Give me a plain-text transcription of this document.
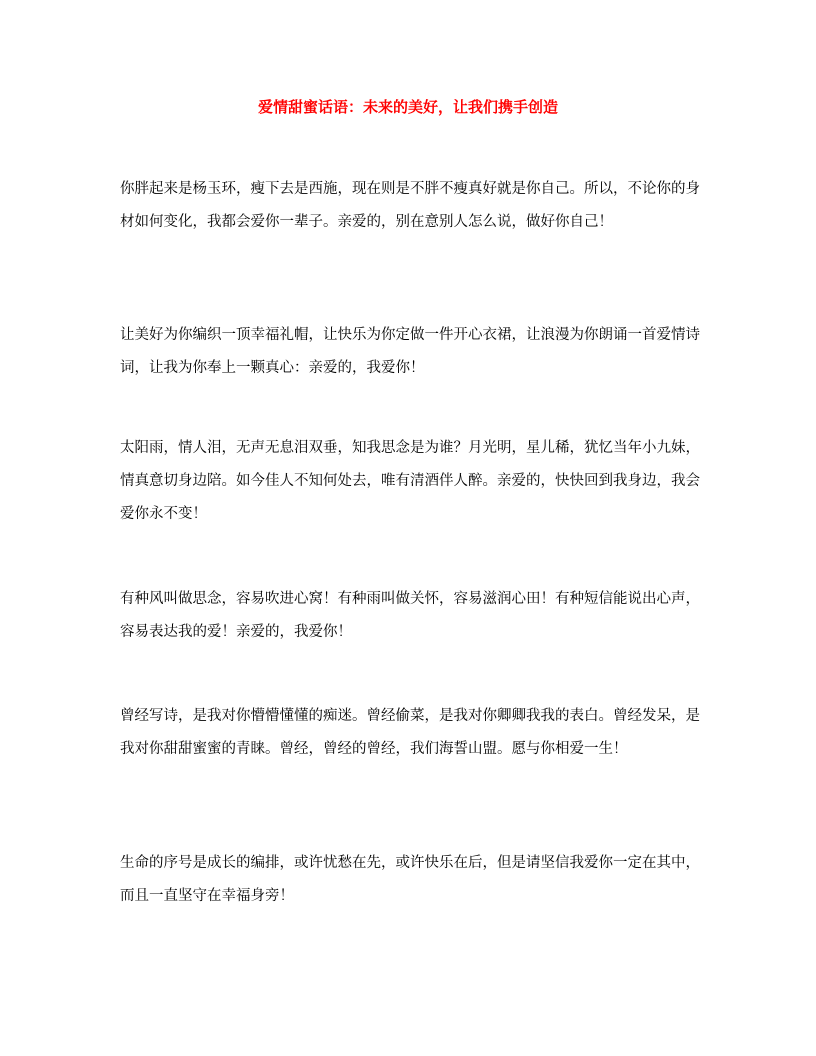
爱情甜蜜话语：未来的美好，让我们携手创造

你胖起来是杨玉环，瘦下去是西施，现在则是不胖不瘦真好就是你自己。所以，不论你的身材如何变化，我都会爱你一辈子。亲爱的，别在意别人怎么说，做好你自己！

让美好为你编织一顶幸福礼帽，让快乐为你定做一件开心衣裙，让浪漫为你朗诵一首爱情诗词，让我为你奉上一颗真心：亲爱的，我爱你！

太阳雨，情人泪，无声无息泪双垂，知我思念是为谁？月光明，星儿稀，犹忆当年小九妹，情真意切身边陪。如今佳人不知何处去，唯有清酒伴人醉。亲爱的，快快回到我身边，我会爱你永不变！

有种风叫做思念，容易吹进心窝！有种雨叫做关怀，容易滋润心田！有种短信能说出心声，容易表达我的爱！亲爱的，我爱你！

曾经写诗，是我对你懵懵懂懂的痴迷。曾经偷菜，是我对你卿卿我我的表白。曾经发呆，是我对你甜甜蜜蜜的青睐。曾经，曾经的曾经，我们海誓山盟。愿与你相爱一生！

生命的序号是成长的编排，或许忧愁在先，或许快乐在后，但是请坚信我爱你一定在其中，而且一直坚守在幸福身旁！
